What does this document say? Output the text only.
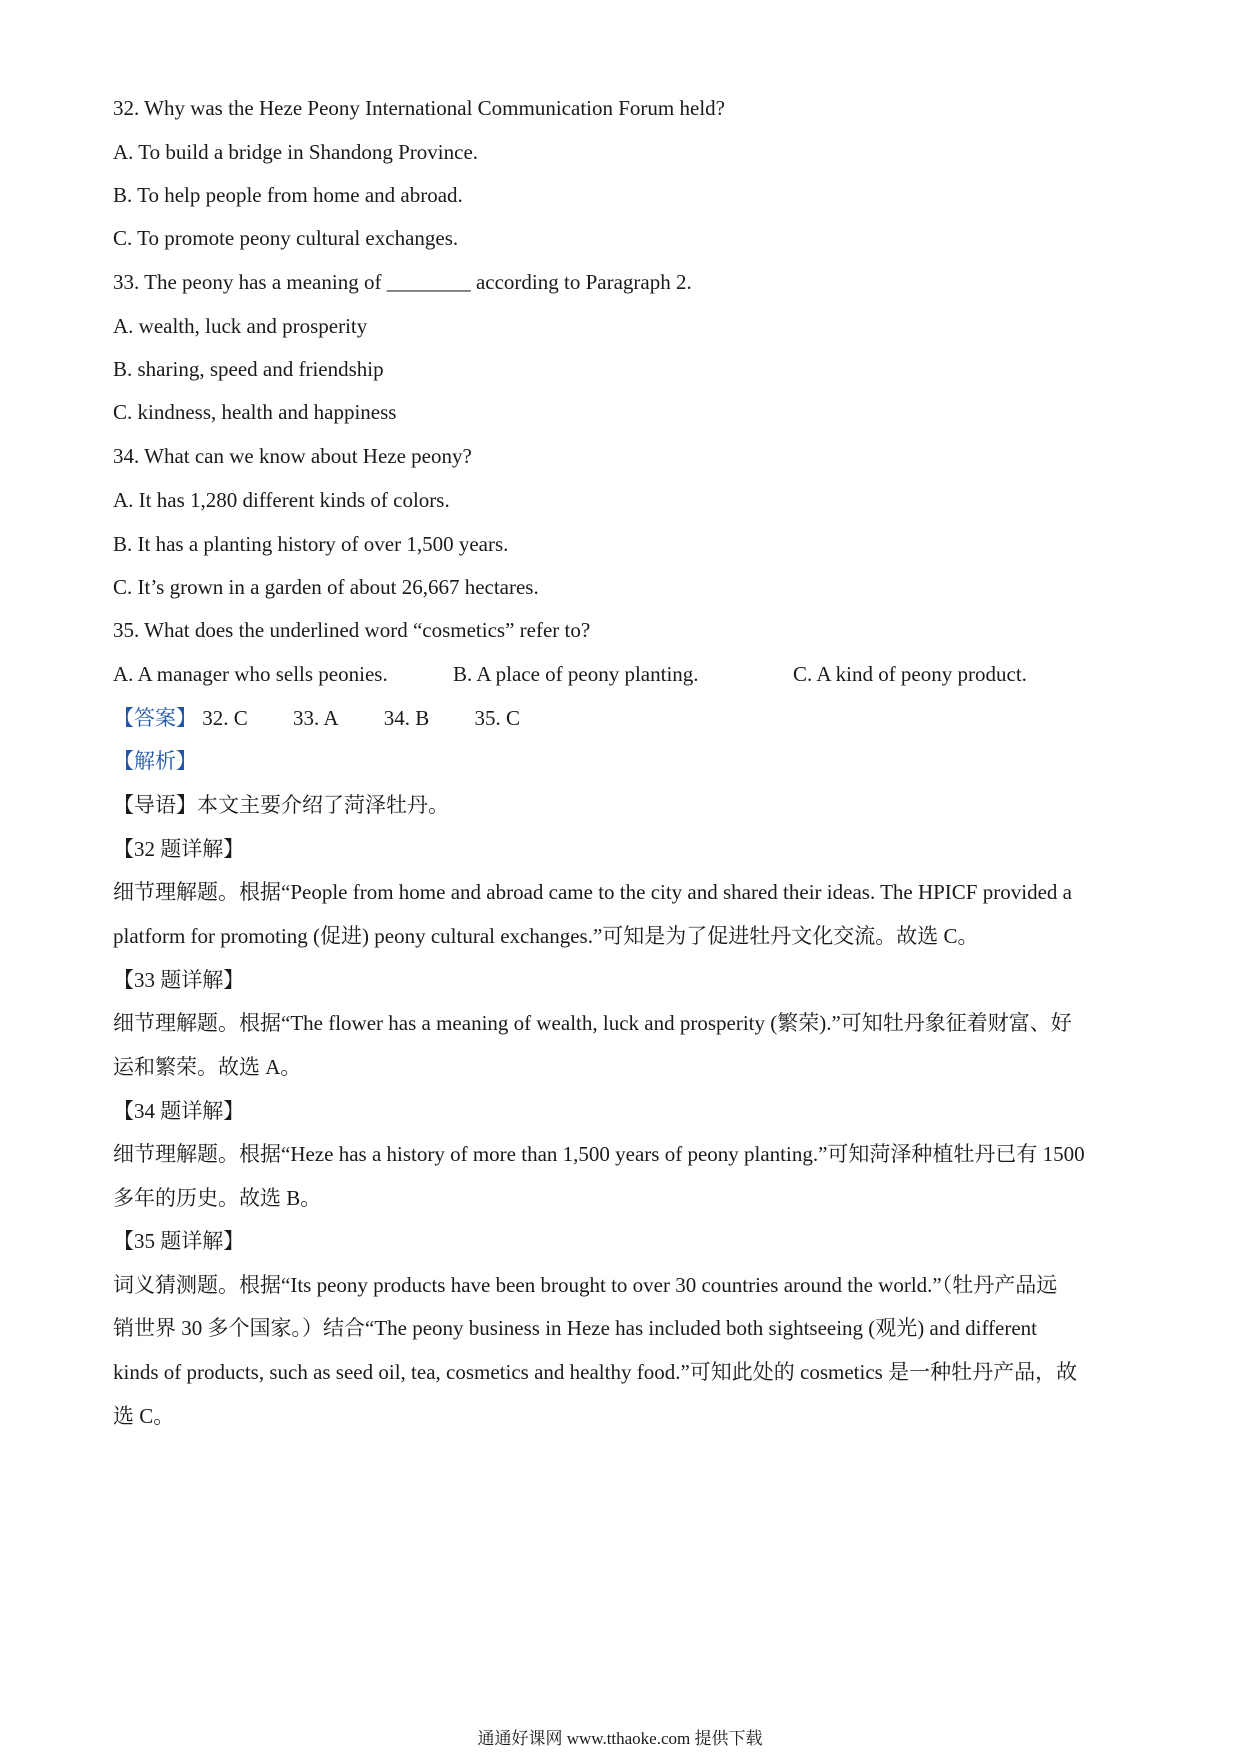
32. Why was the Heze Peony International Communication Forum held?
A. To build a bridge in Shandong Province.
B. To help people from home and abroad.
C. To promote peony cultural exchanges.
33. The peony has a meaning of ________ according to Paragraph 2.
A. wealth, luck and prosperity
B. sharing, speed and friendship
C. kindness, health and happiness
34. What can we know about Heze peony?
A. It has 1,280 different kinds of colors.
B. It has a planting history of over 1,500 years.
C. It’s grown in a garden of about 26,667 hectares.
35. What does the underlined word “cosmetics” refer to?
A. A manager who sells peonies.	B. A place of peony planting.	C. A kind of peony product.
【答案】 32. C 33. A 34. B 35. C
【解析】
【导语】本文主要介绍了菏泽牡丹。
【32 题详解】
细节理解题。根据“People from home and abroad came to the city and shared their ideas. The HPICF provided a
platform for promoting (促进) peony cultural exchanges.”可知是为了促进牡丹文化交流。故选 C。
【33 题详解】
细节理解题。根据“The flower has a meaning of wealth, luck and prosperity (繁荣).”可知牡丹象征着财富、好
运和繁荣。故选 A。
【34 题详解】
细节理解题。根据“Heze has a history of more than 1,500 years of peony planting.”可知菏泽种植牡丹已有 1500
多年的历史。故选 B。
【35 题详解】
词义猜测题。根据“Its peony products have been brought to over 30 countries around the world.”（牡丹产品远
销世界 30 多个国家。）结合“The peony business in Heze has included both sightseeing (观光) and different
kinds of products, such as seed oil, tea, cosmetics and healthy food.”可知此处的 cosmetics 是一种牡丹产品，故
选 C。
通通好课网 www.tthaoke.com 提供下载
